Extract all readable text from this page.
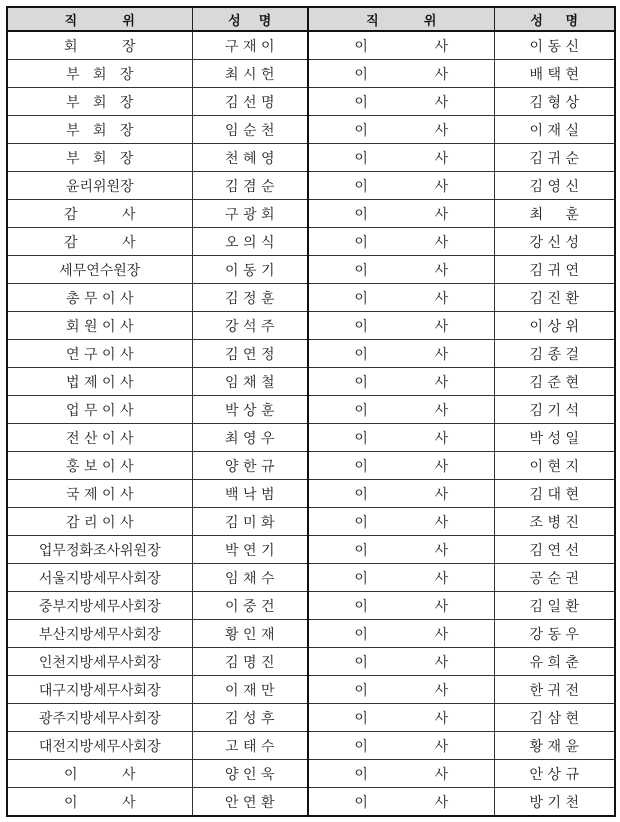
직          위	성    명	직          위	성     명
회          장	구 재 이	이               사	이 동 신
부   회   장	최 시 헌	이               사	배 택 현
부   회   장	김 선 명	이               사	김 형 상
부   회   장	임 순 천	이               사	이 재 실
부   회   장	천 혜 영	이               사	김 귀 순
윤리위원장	김 겸 순	이               사	김 영 신
감          사	구 광 회	이               사	최     훈
감          사	오 의 식	이               사	강 신 성
세무연수원장	이 동 기	이               사	김 귀 연
총 무 이 사	김 정 훈	이               사	김 진 환
회 원 이 사	강 석 주	이               사	이 상 위
연 구 이 사	김 연 정	이               사	김 종 걸
법 제 이 사	임 채 철	이               사	김 준 현
업 무 이 사	박 상 훈	이               사	김 기 석
전 산 이 사	최 영 우	이               사	박 성 일
홍 보 이 사	양 한 규	이               사	이 현 지
국 제 이 사	백 낙 범	이               사	김 대 현
감 리 이 사	김 미 화	이               사	조 병 진
업무정화조사위원장	박 연 기	이               사	김 연 선
서울지방세무사회장	임 채 수	이               사	공 순 권
중부지방세무사회장	이 중 건	이               사	김 일 환
부산지방세무사회장	황 인 재	이               사	강 동 우
인천지방세무사회장	김 명 진	이               사	유 희 춘
대구지방세무사회장	이 재 만	이               사	한 귀 전
광주지방세무사회장	김 성 후	이               사	김 삼 현
대전지방세무사회장	고 태 수	이               사	황 재 윤
이          사	양 인 욱	이               사	안 상 규
이          사	안 연 환	이               사	방 기 천
